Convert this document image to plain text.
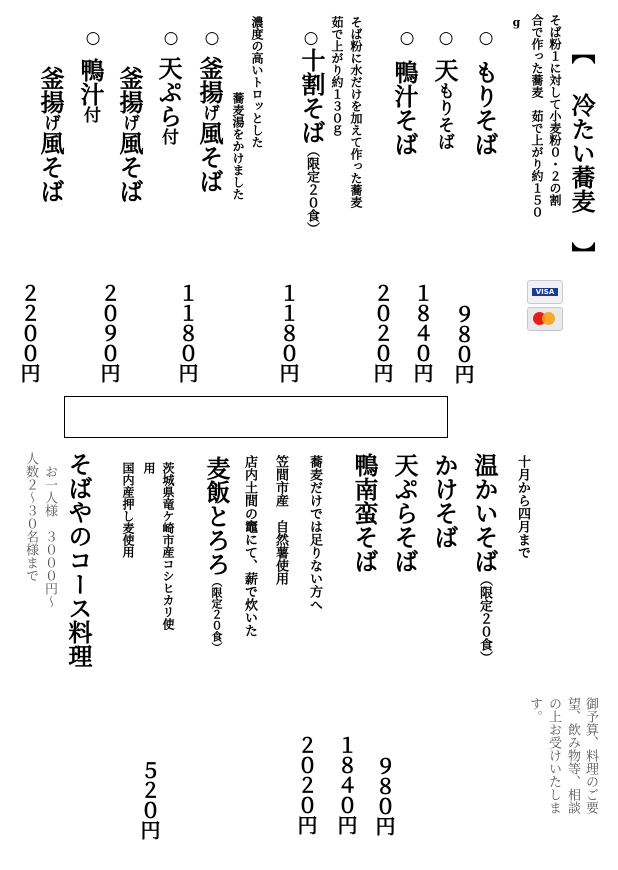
【 冷たい蕎麦 】
そば粉１に対して小麦粉０・２の割
合で作った蕎麦　茹で上がり約１５０
g
○
もりそば
９８０円
○
天もりそば
１８４０円
○
鴨汁そば
２０２０円
そば粉に水だけを加えて作った蕎麦
茹で上がり約１３０ｇ
○十割そば（限定２０食）
１１８０円
濃度の高いトロッとした
蕎麦湯をかけました
○
釜揚げ風そば
１１８０円
○
天ぷら付
釜揚げ風そば
２０９０円
○
鴨汁付
釜揚げ風そば
２２００円	VISA
十月から四月まで
温かいそば（限定２０食）
９８０円
かけそば
１８４０円
天ぷらそば
２０２０円
鴨南蛮そば
蕎麦だけでは足りない方へ
笠間市産　自然薯使用
店内土間の竈にて、薪で炊いた
麦飯とろろ（限定２０食）
茨城県竜ケ崎市産コシヒカリ使
用
国内産押し麦使用
５２０円
そばやのコース料理
お一人様　３０００円～
人数２～３０名様まで
御予算、料理のご要
望、飲み物等、相談
の上お受けいたしま
す。
